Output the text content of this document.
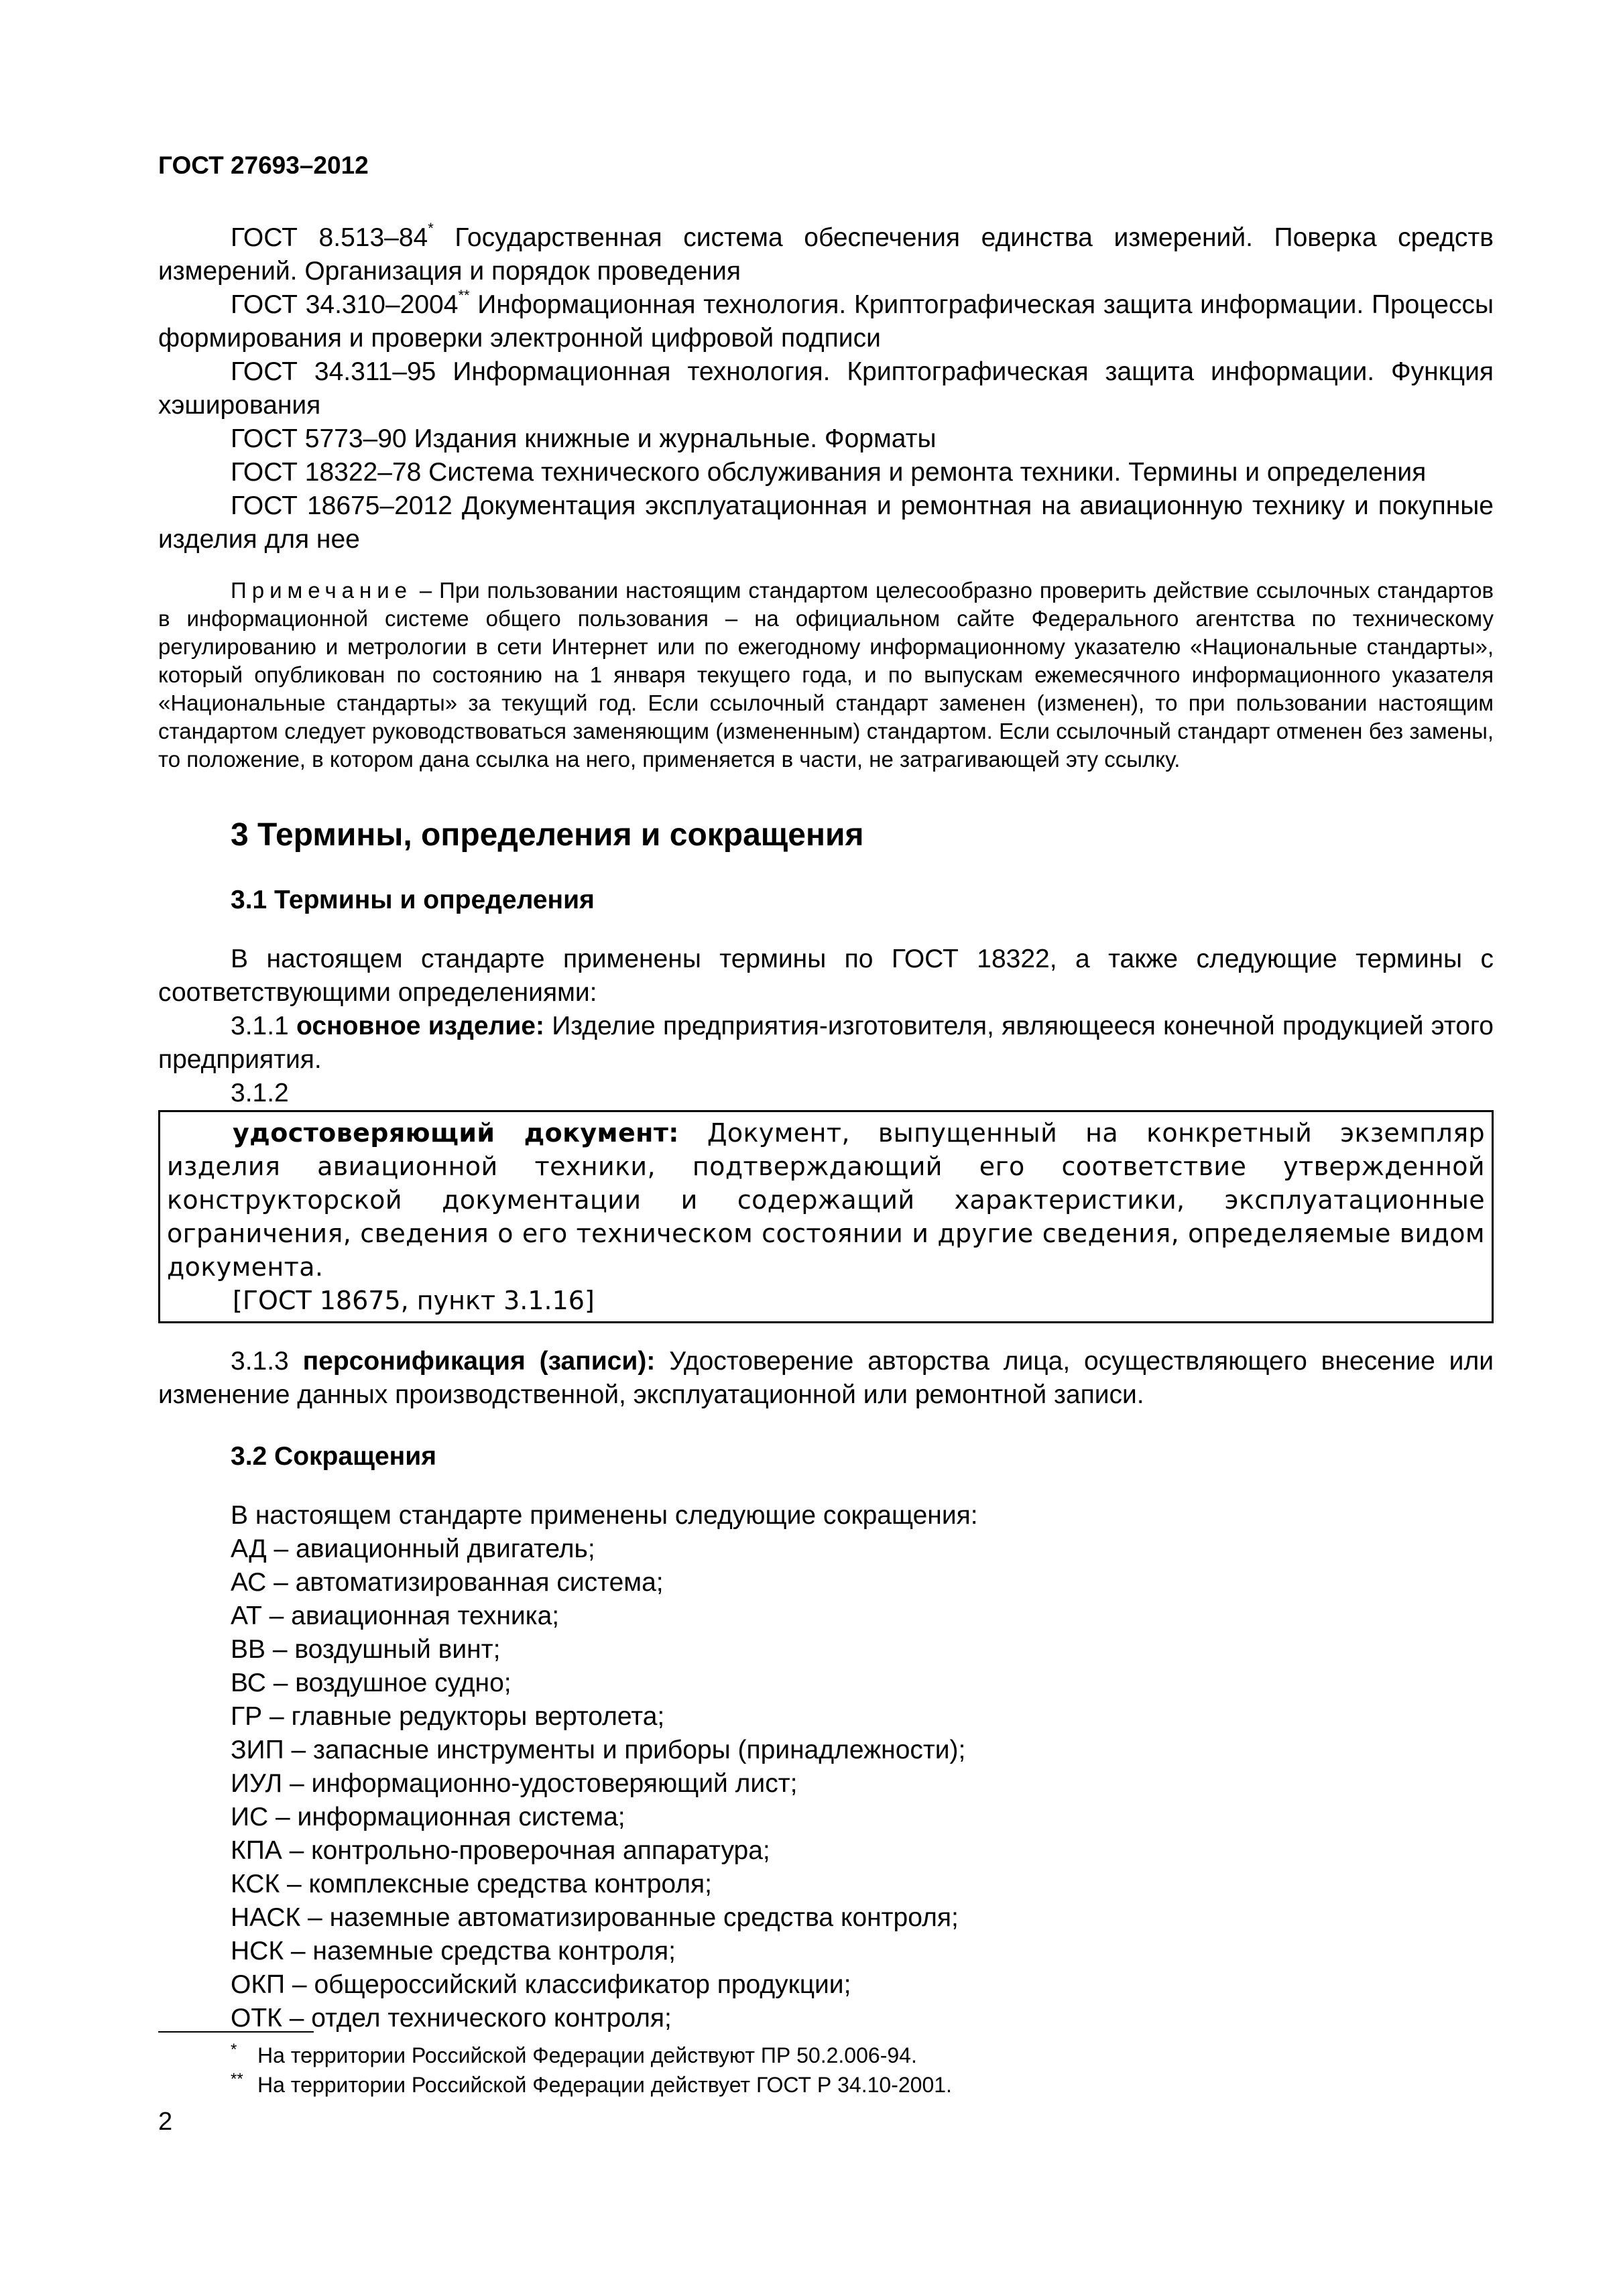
ГОСТ 27693–2012

ГОСТ 8.513–84* Государственная система обеспечения единства измерений. Поверка средств измерений. Организация и порядок проведения

ГОСТ 34.310–2004** Информационная технология. Криптографическая защита информации. Процессы формирования и проверки электронной цифровой подписи

ГОСТ 34.311–95 Информационная технология. Криптографическая защита информации. Функция хэширования

ГОСТ 5773–90 Издания книжные и журнальные. Форматы

ГОСТ 18322–78 Система технического обслуживания и ремонта техники. Термины и определения

ГОСТ 18675–2012 Документация эксплуатационная и ремонтная на авиационную технику и покупные изделия для нее

Примечание – При пользовании настоящим стандартом целесообразно проверить действие ссылочных стандартов в информационной системе общего пользования – на официальном сайте Федерального агентства по техническому регулированию и метрологии в сети Интернет или по ежегодному информационному указателю «Национальные стандарты», который опубликован по состоянию на 1 января текущего года, и по выпускам ежемесячного информационного указателя «Национальные стандарты» за текущий год. Если ссылочный стандарт заменен (изменен), то при пользовании настоящим стандартом следует руководствоваться заменяющим (измененным) стандартом. Если ссылочный стандарт отменен без замены, то положение, в котором дана ссылка на него, применяется в части, не затрагивающей эту ссылку.

3 Термины, определения и сокращения
3.1 Термины и определения

В настоящем стандарте применены термины по ГОСТ 18322, а также следующие термины с соответствующими определениями:

3.1.1 основное изделие: Изделие предприятия-изготовителя, являющееся конечной продукцией этого предприятия.

3.1.2

удостоверяющий документ: Документ, выпущенный на конкретный экземпляр изделия авиационной техники, подтверждающий его соответствие утвержденной конструкторской документации и содержащий характеристики, эксплуатационные ограничения, сведения о его техническом состоянии и другие сведения, определяемые видом документа.

[ГОСТ 18675, пункт 3.1.16]

3.1.3 персонификация (записи): Удостоверение авторства лица, осуществляющего внесение или изменение данных производственной, эксплуатационной или ремонтной записи.

3.2 Сокращения

В настоящем стандарте применены следующие сокращения:

АД – авиационный двигатель;
АС – автоматизированная система;
АТ – авиационная техника;
ВВ – воздушный винт;
ВС – воздушное судно;
ГР – главные редукторы вертолета;
ЗИП – запасные инструменты и приборы (принадлежности);
ИУЛ – информационно-удостоверяющий лист;
ИС – информационная система;
КПА – контрольно-проверочная аппаратура;
КСК – комплексные средства контроля;
НАСК – наземные автоматизированные средства контроля;
НСК – наземные средства контроля;
ОКП – общероссийский классификатор продукции;
ОТК – отдел технического контроля;
* На территории Российской Федерации действуют ПР 50.2.006-94.
** На территории Российской Федерации действует ГОСТ Р 34.10-2001.
2
